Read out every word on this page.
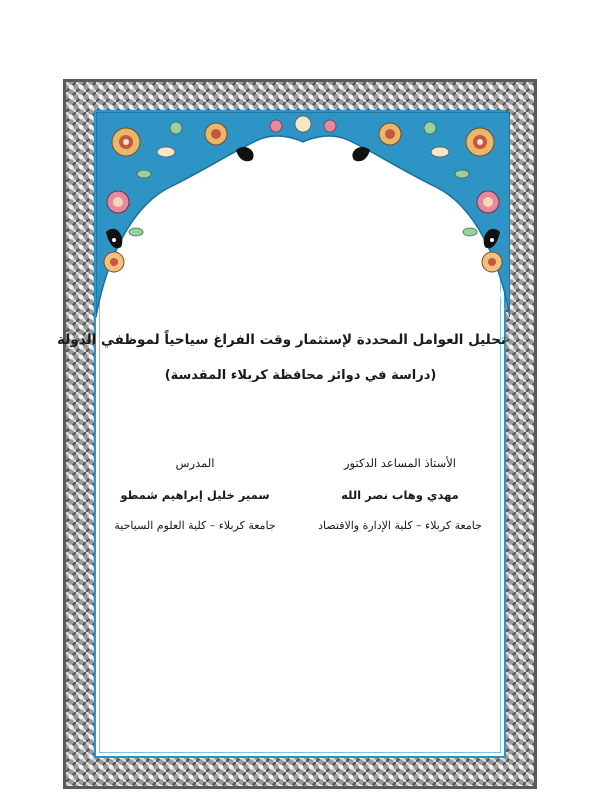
تحليل العوامل المحددة لإستثمار وقت الفراغ سياحياً لموظفي الدولة
(دراسة في دوائر محافظة كربلاء المقدسة)
الأستاذ المساعد الدكتور
مهدي وهاب نصر الله
جامعة كربلاء – كلية الإدارة والاقتصاد
المدرس
سمير خليل إبراهيم شمطو
جامعة كربلاء – كلية العلوم السياحية
